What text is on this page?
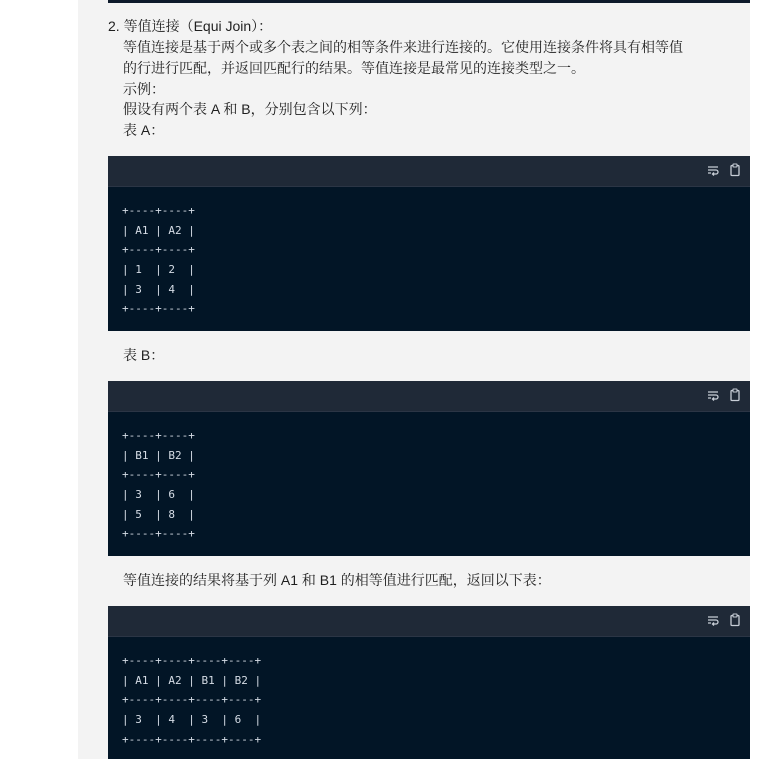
2. 等值连接（Equi Join）：
等值连接是基于两个或多个表之间的相等条件来进行连接的。它使用连接条件将具有相等值
的行进行匹配，并返回匹配行的结果。等值连接是最常见的连接类型之一。
示例：
假设有两个表 A 和 B，分别包含以下列：
表 A：
+----+----+
| A1 | A2 |
+----+----+
| 1  | 2  |
| 3  | 4  |
+----+----+
表 B：
+----+----+
| B1 | B2 |
+----+----+
| 3  | 6  |
| 5  | 8  |
+----+----+
等值连接的结果将基于列 A1 和 B1 的相等值进行匹配，返回以下表：
+----+----+----+----+
| A1 | A2 | B1 | B2 |
+----+----+----+----+
| 3  | 4  | 3  | 6  |
+----+----+----+----+
